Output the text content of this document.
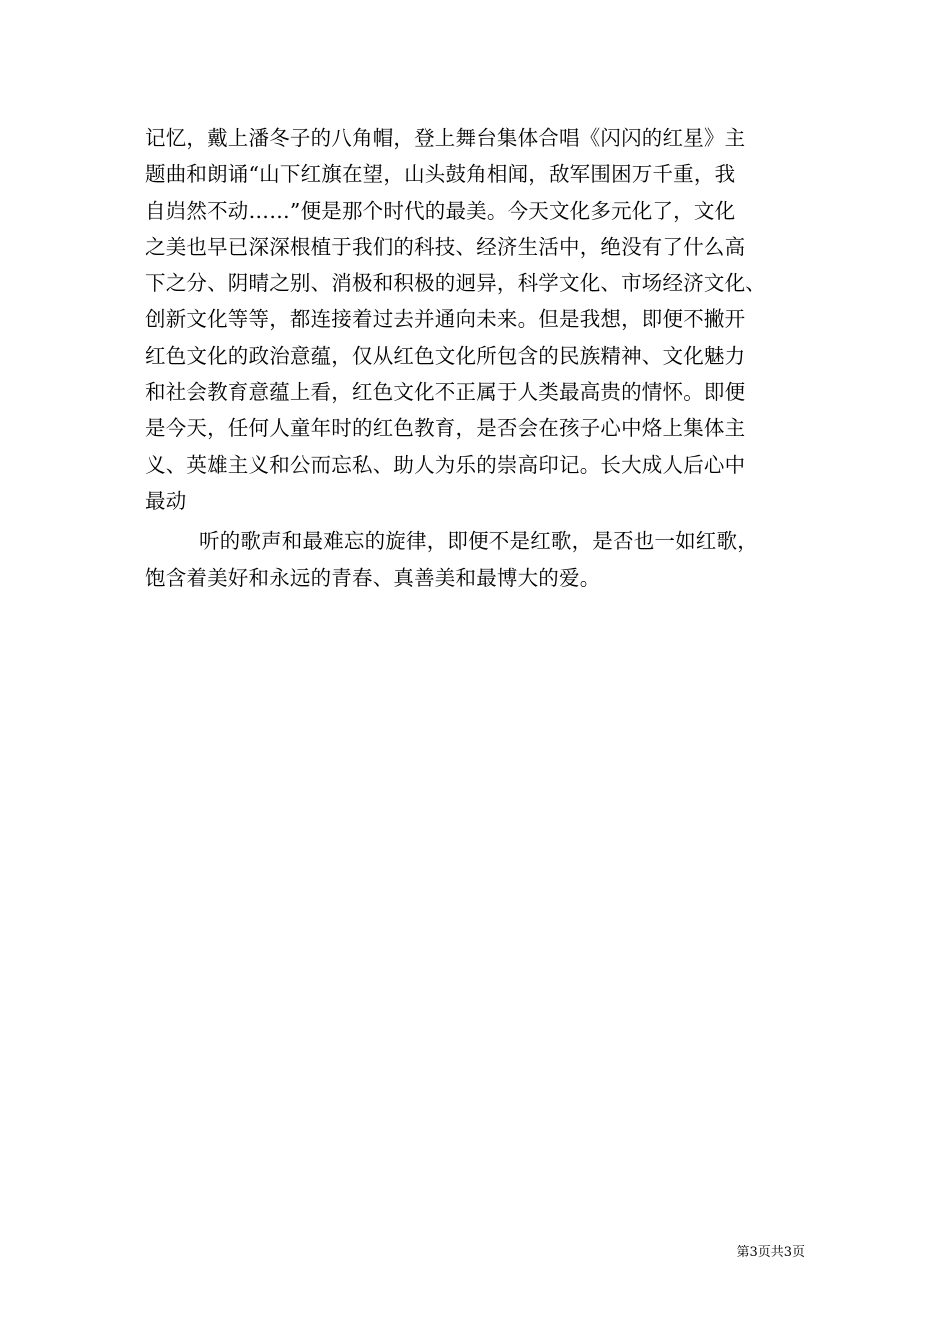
记忆，戴上潘冬子的八角帽，登上舞台集体合唱《闪闪的红星》主
题曲和朗诵“山下红旗在望，山头鼓角相闻，敌军围困万千重，我
自岿然不动……”便是那个时代的最美。今天文化多元化了，文化
之美也早已深深根植于我们的科技、经济生活中，绝没有了什么高
下之分、阴晴之别、消极和积极的迥异，科学文化、市场经济文化、
创新文化等等，都连接着过去并通向未来。但是我想，即便不撇开
红色文化的政治意蕴，仅从红色文化所包含的民族精神、文化魅力
和社会教育意蕴上看，红色文化不正属于人类最高贵的情怀。即便
是今天，任何人童年时的红色教育，是否会在孩子心中烙上集体主
义、英雄主义和公而忘私、助人为乐的崇高印记。长大成人后心中
最动
听的歌声和最难忘的旋律，即便不是红歌，是否也一如红歌，
饱含着美好和永远的青春、真善美和最博大的爱。
第3页共3页
